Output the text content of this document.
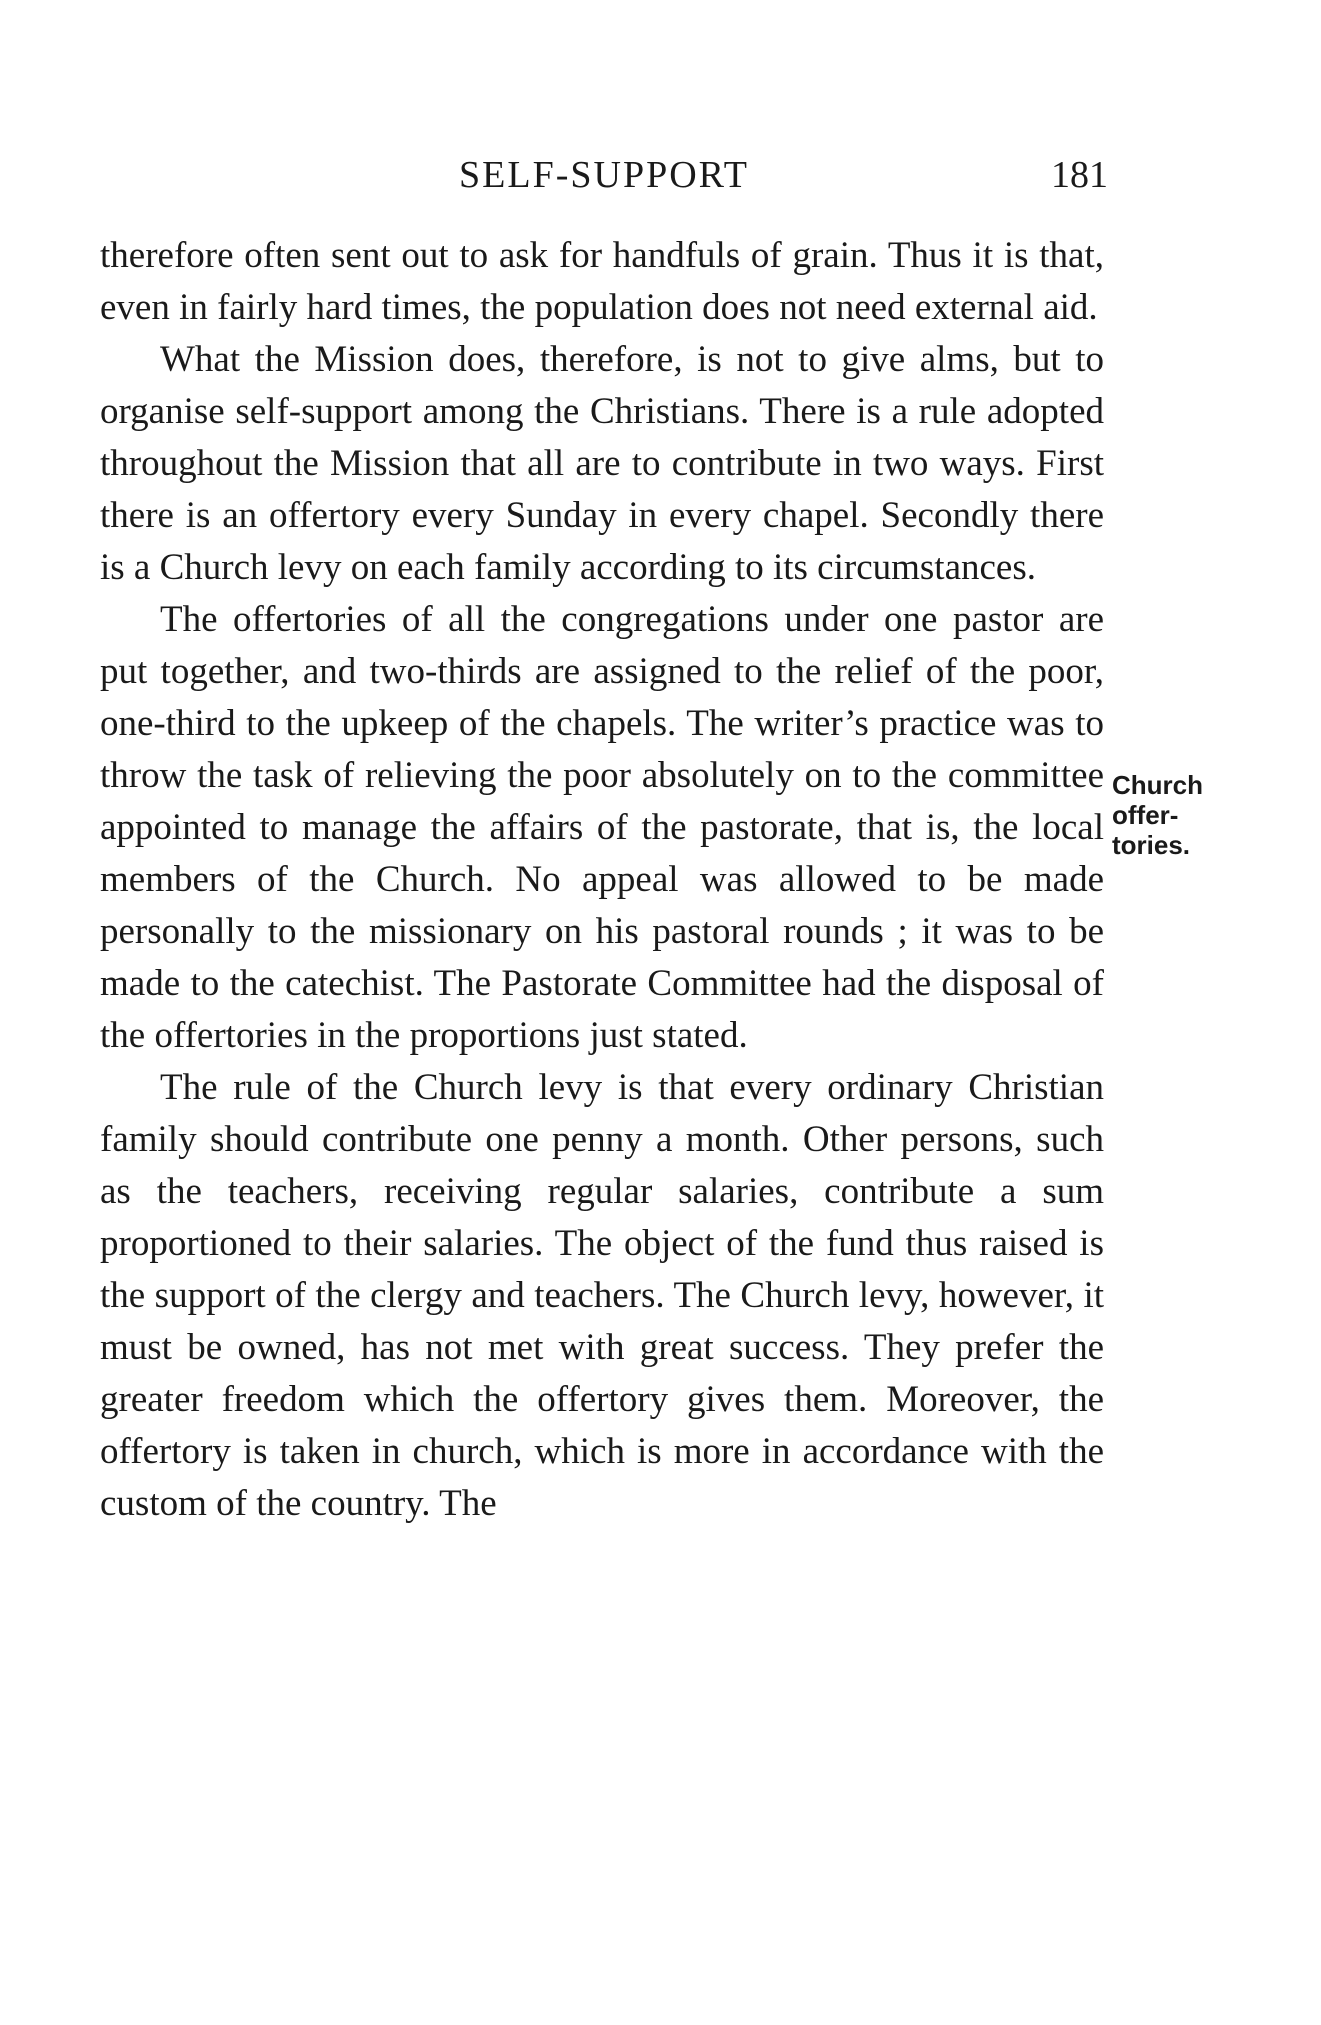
SELF-SUPPORT	181

therefore often sent out to ask for handfuls of grain. Thus it is that, even in fairly hard times, the population does not need external aid.

What the Mission does, therefore, is not to give alms, but to organise self-support among the Christians. There is a rule adopted throughout the Mission that all are to contribute in two ways. First there is an offertory every Sunday in every chapel. Secondly there is a Church levy on each family according to its circumstances.

The offertories of all the congregations under one pastor are put together, and two-thirds are assigned to the relief of the poor, one-third to the upkeep of the chapels. The writer’s practice was to throw the task of relieving the poor absolutely on to the committee appointed to manage the affairs of the pastorate, that is, the local members of the Church. No appeal was allowed to be made personally to the missionary on his pastoral rounds ; it was to be made to the catechist. The Pastorate Committee had the disposal of the offertories in the proportions just stated.

The rule of the Church levy is that every ordinary Christian family should contribute one penny a month. Other persons, such as the teachers, receiving regular salaries, contribute a sum proportioned to their salaries. The object of the fund thus raised is the support of the clergy and teachers. The Church levy, however, it must be owned, has not met with great success. They prefer the greater freedom which the offertory gives them. Moreover, the offertory is taken in church, which is more in accordance with the custom of the country. The

Church
offer-
tories.
